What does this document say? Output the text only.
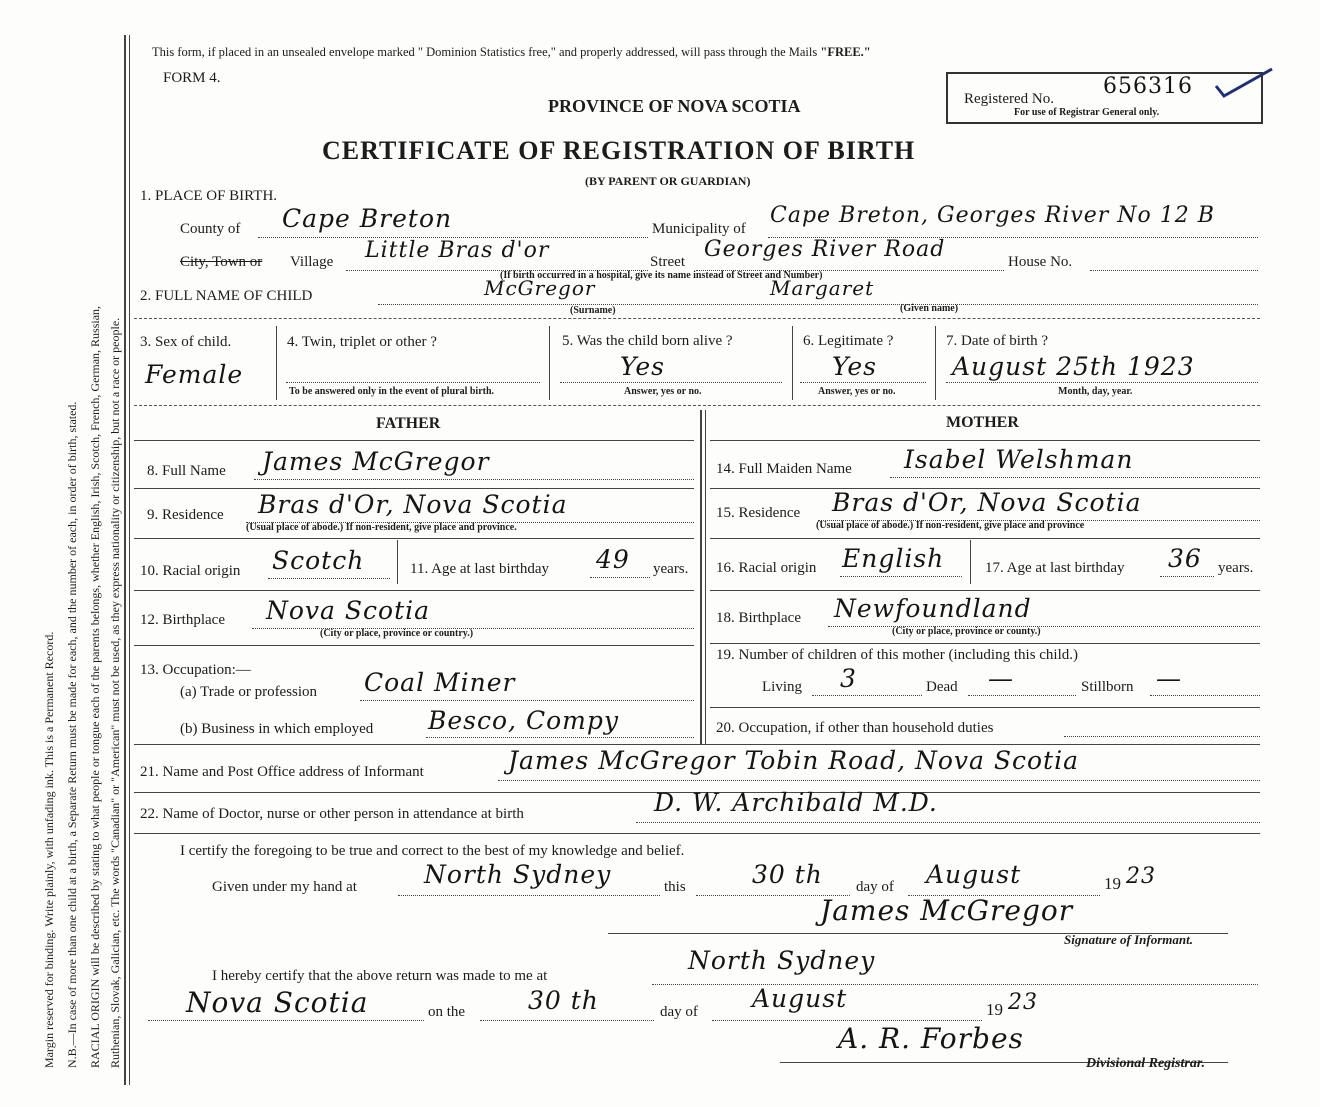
Margin reserved for binding. Write plainly, with unfading ink. This is a Permanent Record. N.B.—In case of more than one child at a birth, a Separate Return must be made for each, and the number of each, in order of birth, stated. RACIAL ORIGIN will be described by stating to what people or tongue each of the parents belongs, whether English, Irish, Scotch, French, German, Russian, Ruthenian, Slovak, Galician, etc. The words "Canadian" or "American" must not be used, as they express nationality or citizenship, but not a race or people.
This form, if placed in an unsealed envelope marked " Dominion Statistics free," and properly addressed, will pass through the Mails "FREE."
FORM 4.
PROVINCE OF NOVA SCOTIA
CERTIFICATE OF REGISTRATION OF BIRTH
(BY PARENT OR GUARDIAN)
Registered No. 656316
For use of Registrar General only.
1. PLACE OF BIRTH.
County of Cape Breton	Municipality of
Cape Breton, Georges River No 12 B
City, Town or Village Little Bras d'or	Street Georges River Road	House No.
(If birth occurred in a hospital, give its name instead of Street and Number)
2. FULL NAME OF CHILD	McGregor	Margaret
(Surname)	(Given name)
3. Sex of child.
Female
4. Twin, triplet or other ?
To be answered only in the event of plural birth.
5. Was the child born alive ?
Yes
Answer, yes or no.
6. Legitimate ?
Yes
Answer, yes or no.
7. Date of birth ?
August 25th 1923
Month, day, year.
FATHER	MOTHER
8. Full Name James McGregor
9. Residence Bras d'Or, Nova Scotia
(Usual place of abode.) If non-resident, give place and province.
10. Racial origin Scotch	11. Age at last birthday 49 years.
12. Birthplace Nova Scotia
(City or place, province or country.)
13. Occupation:—
(a) Trade or profession Coal Miner
(b) Business in which employed Besco, Compy
14. Full Maiden Name Isabel Welshman
15. Residence Bras d'Or, Nova Scotia
(Usual place of abode.) If non-resident, give place and province
16. Racial origin English	17. Age at last birthday 36 years.
18. Birthplace Newfoundland
(City or place, province or county.)
19. Number of children of this mother (including this child.)
Living 3	Dead —	Stillborn —
20. Occupation, if other than household duties
21. Name and Post Office address of Informant	James McGregor Tobin Road, Nova Scotia
22. Name of Doctor, nurse or other person in attendance at birth	D. W. Archibald M.D.
I certify the foregoing to be true and correct to the best of my knowledge and belief.
Given under my hand at	North Sydney	this	30 th day of August	19 23
James McGregor
Signature of Informant.
I hereby certify that the above return was made to me at
North Sydney
Nova Scotia	on the	30 th	day of August	19 23
A. R. Forbes
Divisional Registrar.
